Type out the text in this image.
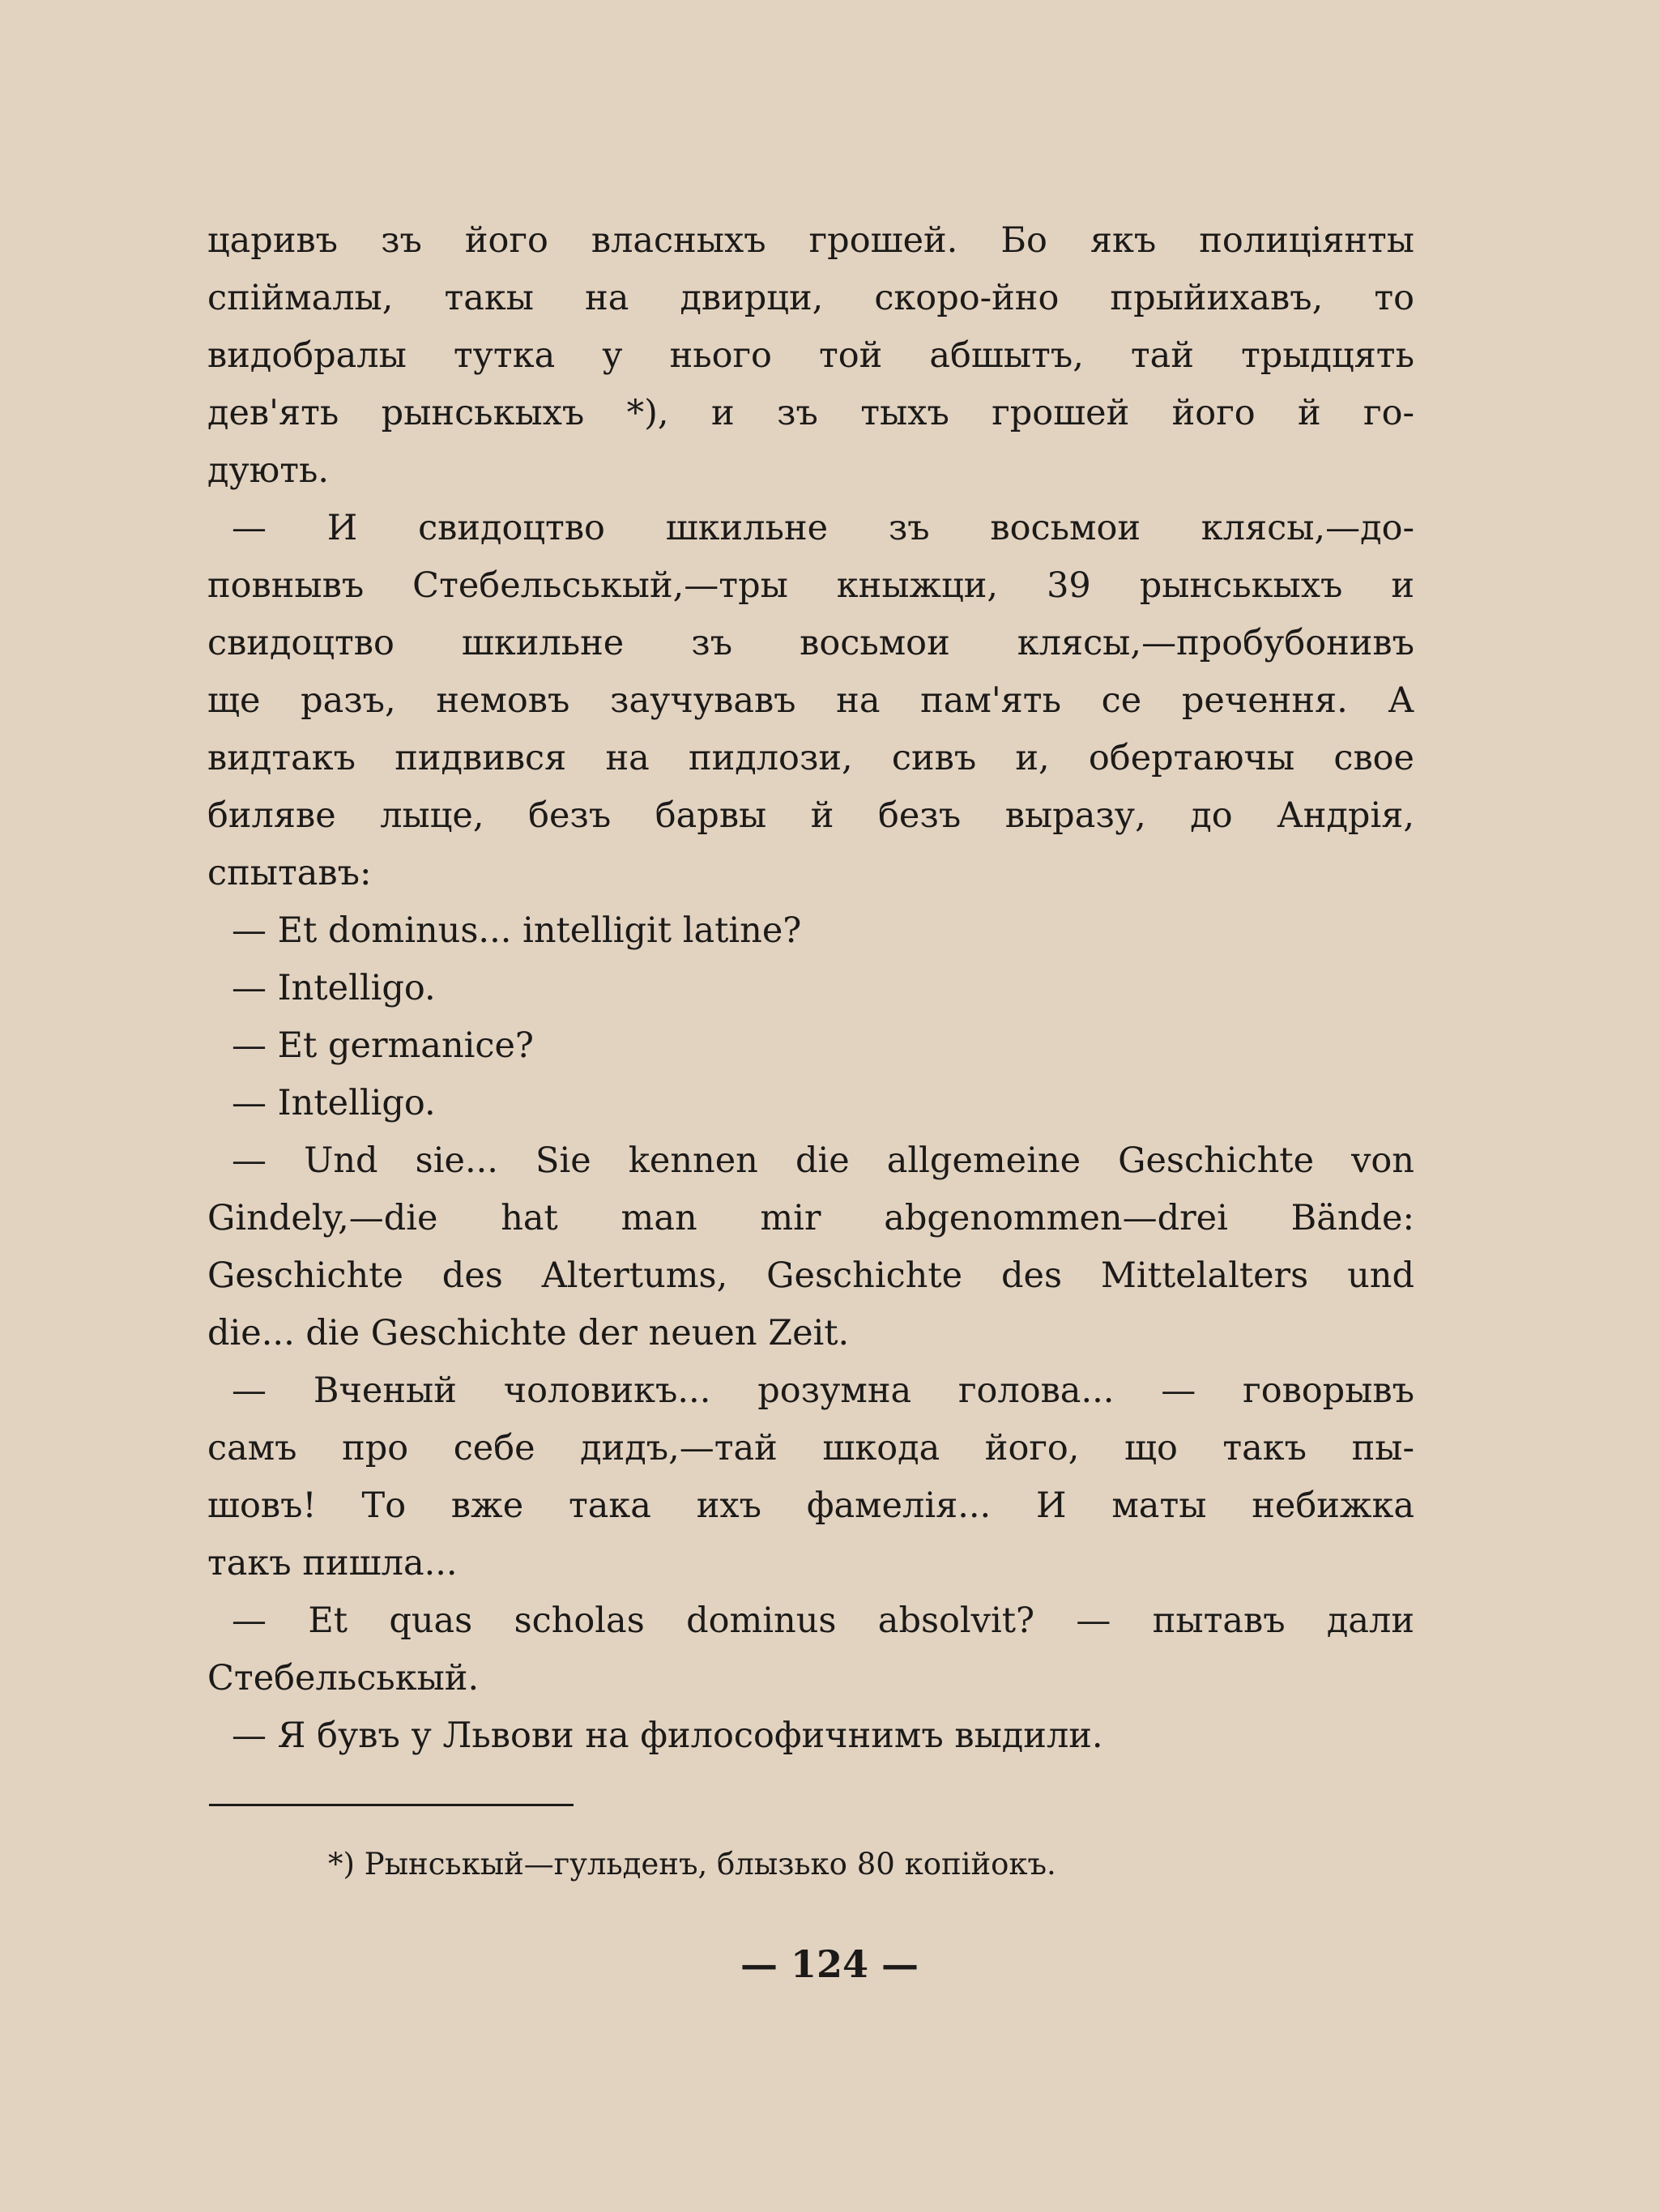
царивъ зъ його власныхъ грошей. Бо якъ полицiянты
спiймалы, такы на двирци, скоро-йно прыйихавъ, то
видобралы тутка у нього той абшытъ, тай трыдцять
дев'ять рынськыхъ *), и зъ тыхъ грошей його й го-
дують.
— И свидоцтво шкильне зъ восьмои клясы,—до-
повнывъ Стебельськый,—тры кныжци, 39 рынськыхъ и
свидоцтво шкильне зъ восьмои клясы,—пробубонивъ
ще разъ, немовъ заучувавъ на пам'ять се речення. А
видтакъ пидвився на пидлози, сивъ и, обертаючы свое
билявe лыце, безъ барвы й безъ выразу, до Андрiя,
спытавъ:
— Et dominus... intelligit latine?
— Intelligo.
— Et germanice?
— Intelligo.
— Und sie... Sie kennen die allgemeine Geschichte von
Gindely,—die hat man mir abgenommen—drei Bände:
Geschichte des Altertums, Geschichte des Mittelalters und
die... die Geschichte der neuen Zeit.
— Вченый чоловикъ... розумна голова... — говорывъ
самъ про себе дидъ,—тай шкода його, що такъ пы-
шовъ! То вже така ихъ фамелiя... И маты небижка
такъ пишла...
— Et quas scholas dominus absolvit? — пытавъ дали
Стебельськый.
— Я бувъ у Львови на философичнимъ выдили.
*) Рынськый—гульденъ, блызько 80 копiйокъ.
— 124 —
